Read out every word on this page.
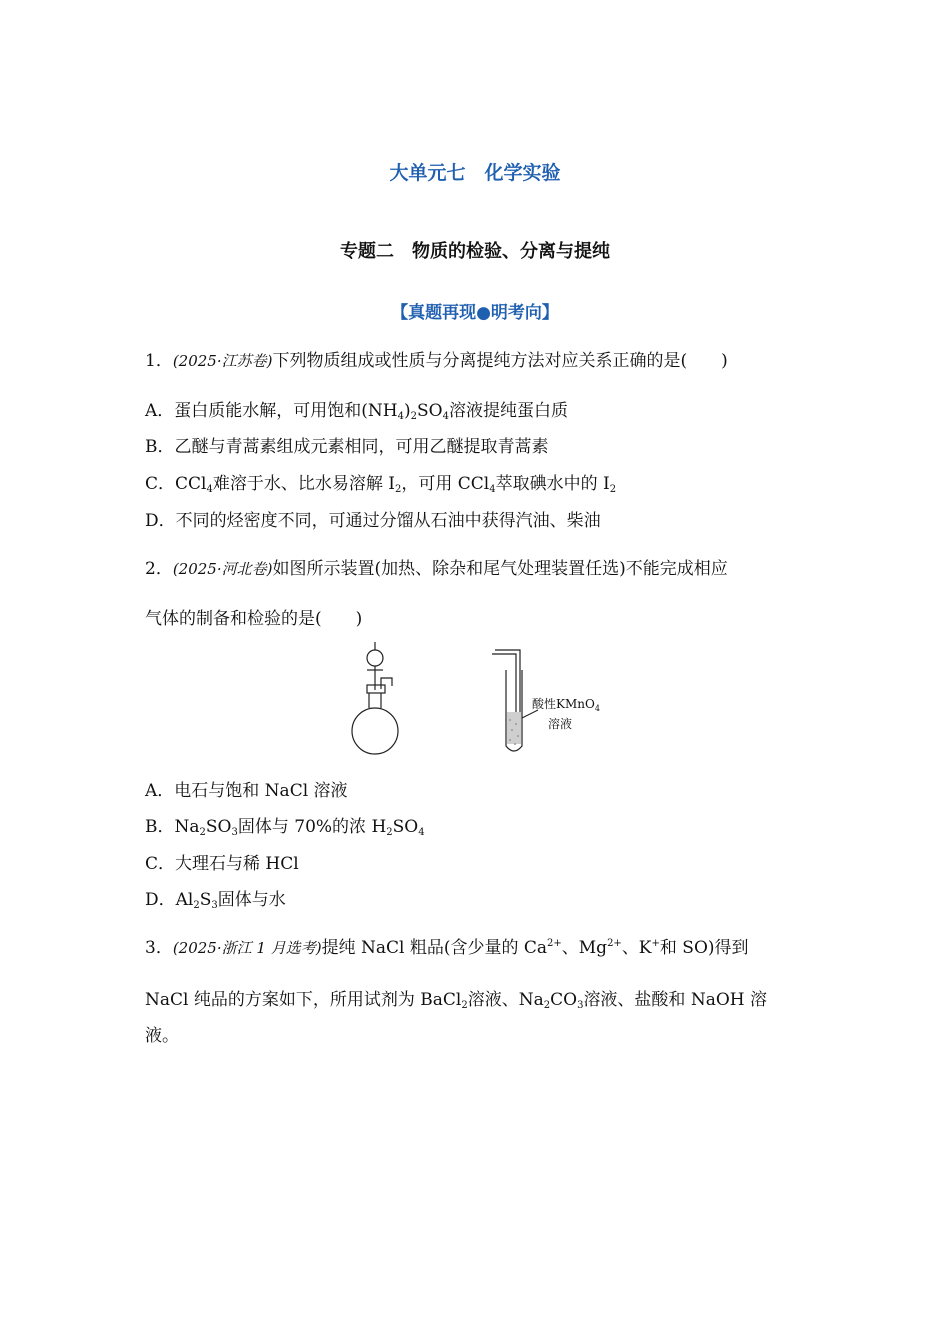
大单元七　化学实验
专题二　物质的检验、分离与提纯
【真题再现●明考向】
1．(2025·江苏卷)下列物质组成或性质与分离提纯方法对应关系正确的是(　　)
A．蛋白质能水解，可用饱和$(NH_4)_2SO_4$溶液提纯蛋白质
B．乙醚与青蒿素组成元素相同，可用乙醚提取青蒿素
C．CCl$_4$难溶于水、比水易溶解 $I_2$，可用 CCl$_4$萃取碘水中的 $I_2$
D．不同的烃密度不同，可通过分馏从石油中获得汽油、柴油
2．(2025·河北卷)如图所示装置(加热、除杂和尾气处理装置任选)不能完成相应
气体的制备和检验的是(　　)
酸性KMnO$_4$
溶液
A．电石与饱和 NaCl 溶液
B．$Na_2SO_3$固体与 70%的浓 $H_2SO_4$
C．大理石与稀 HCl
D．$Al_2S_3$固体与水
3．(2025·浙江 1 月选考)提纯 NaCl 粗品(含少量的 $Ca^{2+}$、$Mg^{2+}$、K+和 SO)得到
NaCl 纯品的方案如下，所用试剂为 BaCl$_2$溶液、$Na_2CO_3$溶液、盐酸和 NaOH 溶
液。
